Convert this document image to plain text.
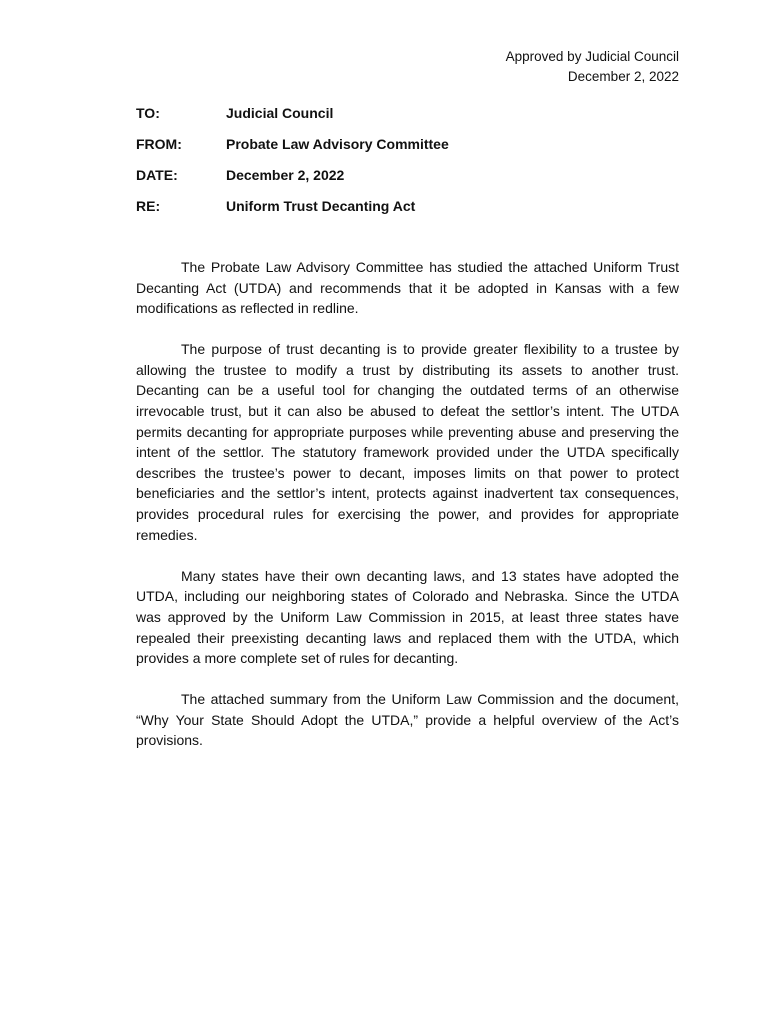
Approved by Judicial Council
December 2, 2022
TO:	Judicial Council
FROM:	Probate Law Advisory Committee
DATE:	December 2, 2022
RE:	Uniform Trust Decanting Act

The Probate Law Advisory Committee has studied the attached Uniform Trust Decanting Act (UTDA) and recommends that it be adopted in Kansas with a few modifications as reflected in redline.

The purpose of trust decanting is to provide greater flexibility to a trustee by allowing the trustee to modify a trust by distributing its assets to another trust. Decanting can be a useful tool for changing the outdated terms of an otherwise irrevocable trust, but it can also be abused to defeat the settlor’s intent. The UTDA permits decanting for appropriate purposes while preventing abuse and preserving the intent of the settlor. The statutory framework provided under the UTDA specifically describes the trustee’s power to decant, imposes limits on that power to protect beneficiaries and the settlor’s intent, protects against inadvertent tax consequences, provides procedural rules for exercising the power, and provides for appropriate remedies.

Many states have their own decanting laws, and 13 states have adopted the UTDA, including our neighboring states of Colorado and Nebraska. Since the UTDA was approved by the Uniform Law Commission in 2015, at least three states have repealed their preexisting decanting laws and replaced them with the UTDA, which provides a more complete set of rules for decanting.

The attached summary from the Uniform Law Commission and the document, “Why Your State Should Adopt the UTDA,” provide a helpful overview of the Act’s provisions.
